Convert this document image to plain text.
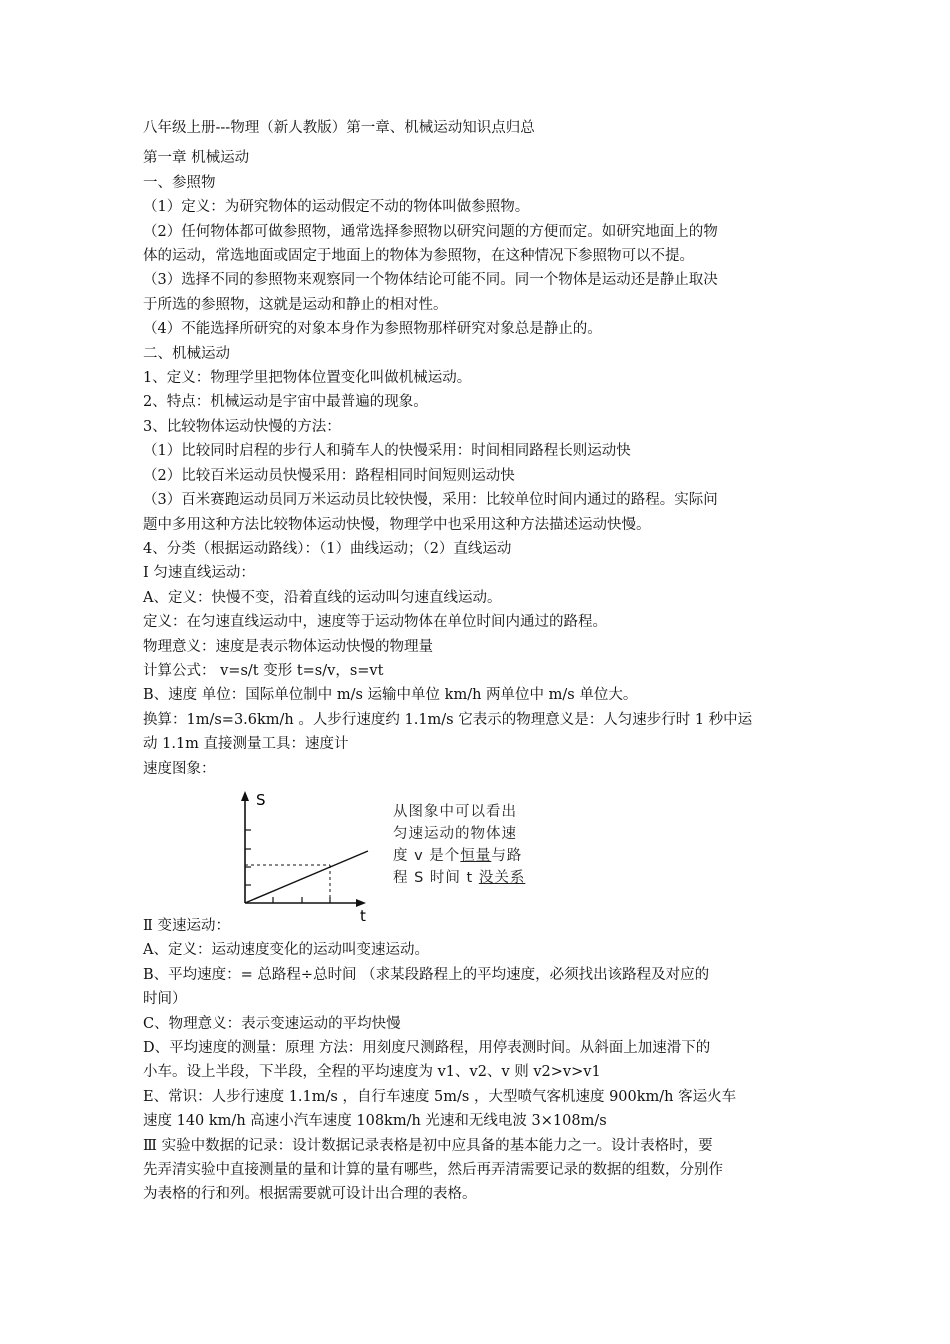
八年级上册---物理（新人教版）第一章、机械运动知识点归总

第一章 机械运动

一、参照物

（1）定义：为研究物体的运动假定不动的物体叫做参照物。

（2）任何物体都可做参照物，通常选择参照物以研究问题的方便而定。如研究地面上的物

体的运动，常选地面或固定于地面上的物体为参照物，在这种情况下参照物可以不提。

（3）选择不同的参照物来观察同一个物体结论可能不同。同一个物体是运动还是静止取决

于所选的参照物，这就是运动和静止的相对性。

（4）不能选择所研究的对象本身作为参照物那样研究对象总是静止的。

二、机械运动

1、定义：物理学里把物体位置变化叫做机械运动。

2、特点：机械运动是宇宙中最普遍的现象。

3、比较物体运动快慢的方法：

（1）比较同时启程的步行人和骑车人的快慢采用：时间相同路程长则运动快

（2）比较百米运动员快慢采用：路程相同时间短则运动快

（3）百米赛跑运动员同万米运动员比较快慢，采用：比较单位时间内通过的路程。实际问

题中多用这种方法比较物体运动快慢，物理学中也采用这种方法描述运动快慢。

4、分类（根据运动路线）：（1）曲线运动；（2）直线运动

Ⅰ 匀速直线运动：

A、定义：快慢不变，沿着直线的运动叫匀速直线运动。

定义：在匀速直线运动中，速度等于运动物体在单位时间内通过的路程。

物理意义：速度是表示物体运动快慢的物理量

计算公式： v=s/t 变形 t=s/v，s=vt

B、速度 单位：国际单位制中 m/s 运输中单位 km/h 两单位中 m/s 单位大。

换算：1m/s=3.6km/h 。人步行速度约 1.1m/s 它表示的物理意义是：人匀速步行时 1 秒中运

动 1.1m 直接测量工具：速度计

速度图象：

S
t

从图象中可以看出

匀速运动的物体速

度 v 是个恒量与路

程 S 时间 t 没关系

Ⅱ 变速运动：

A、定义：运动速度变化的运动叫变速运动。

B、平均速度：= 总路程÷总时间 （求某段路程上的平均速度，必须找出该路程及对应的

时间）

C、物理意义：表示变速运动的平均快慢

D、平均速度的测量：原理 方法：用刻度尺测路程，用停表测时间。从斜面上加速滑下的

小车。设上半段，下半段，全程的平均速度为 v1、v2、v 则 v2>v>v1

E、常识：人步行速度 1.1m/s ，自行车速度 5m/s ，大型喷气客机速度 900km/h 客运火车

速度 140 km/h 高速小汽车速度 108km/h 光速和无线电波 3×108m/s

Ⅲ 实验中数据的记录：设计数据记录表格是初中应具备的基本能力之一。设计表格时，要

先弄清实验中直接测量的量和计算的量有哪些，然后再弄清需要记录的数据的组数，分别作

为表格的行和列。根据需要就可设计出合理的表格。
